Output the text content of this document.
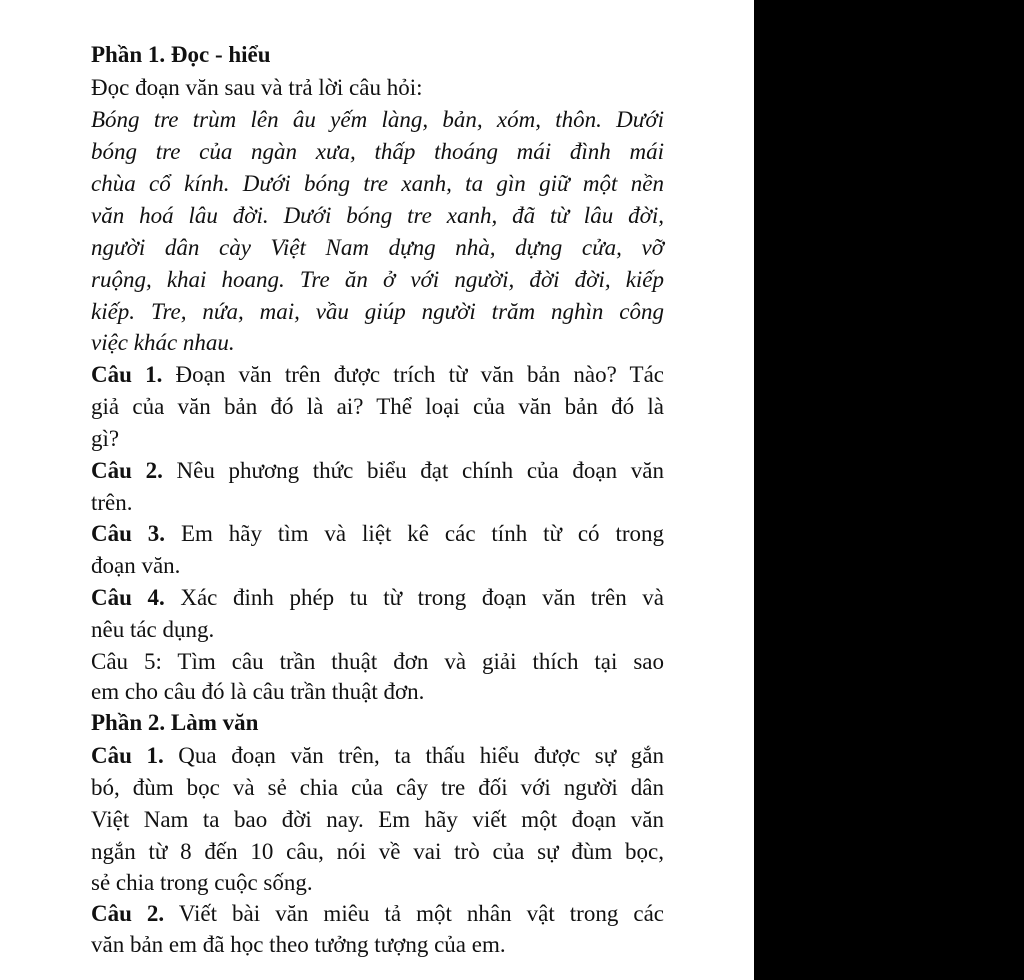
Phần 1. Đọc - hiểu
Đọc đoạn văn sau và trả lời câu hỏi:
Bóng tre trùm lên âu yếm làng, bản, xóm, thôn. Dưới
bóng tre của ngàn xưa, thấp thoáng mái đình mái
chùa cổ kính. Dưới bóng tre xanh, ta gìn giữ một nền
văn hoá lâu đời. Dưới bóng tre xanh, đã từ lâu đời,
người dân cày Việt Nam dựng nhà, dựng cửa, vỡ
ruộng, khai hoang. Tre ăn ở với người, đời đời, kiếp
kiếp. Tre, nứa, mai, vầu giúp người trăm nghìn công
việc khác nhau.
Câu 1. Đoạn văn trên được trích từ văn bản nào? Tác
giả của văn bản đó là ai? Thể loại của văn bản đó là
gì?
Câu 2. Nêu phương thức biểu đạt chính của đoạn văn
trên.
Câu 3. Em hãy tìm và liệt kê các tính từ có trong
đoạn văn.
Câu 4. Xác đinh phép tu từ trong đoạn văn trên và
nêu tác dụng.
Câu 5: Tìm câu trần thuật đơn và giải thích tại sao
em cho câu đó là câu trần thuật đơn.
Phần 2. Làm văn
Câu 1. Qua đoạn văn trên, ta thấu hiểu được sự gắn
bó, đùm bọc và sẻ chia của cây tre đối với người dân
Việt Nam ta bao đời nay. Em hãy viết một đoạn văn
ngắn từ 8 đến 10 câu, nói về vai trò của sự đùm bọc,
sẻ chia trong cuộc sống.
Câu 2. Viết bài văn miêu tả một nhân vật trong các
văn bản em đã học theo tưởng tượng của em.
